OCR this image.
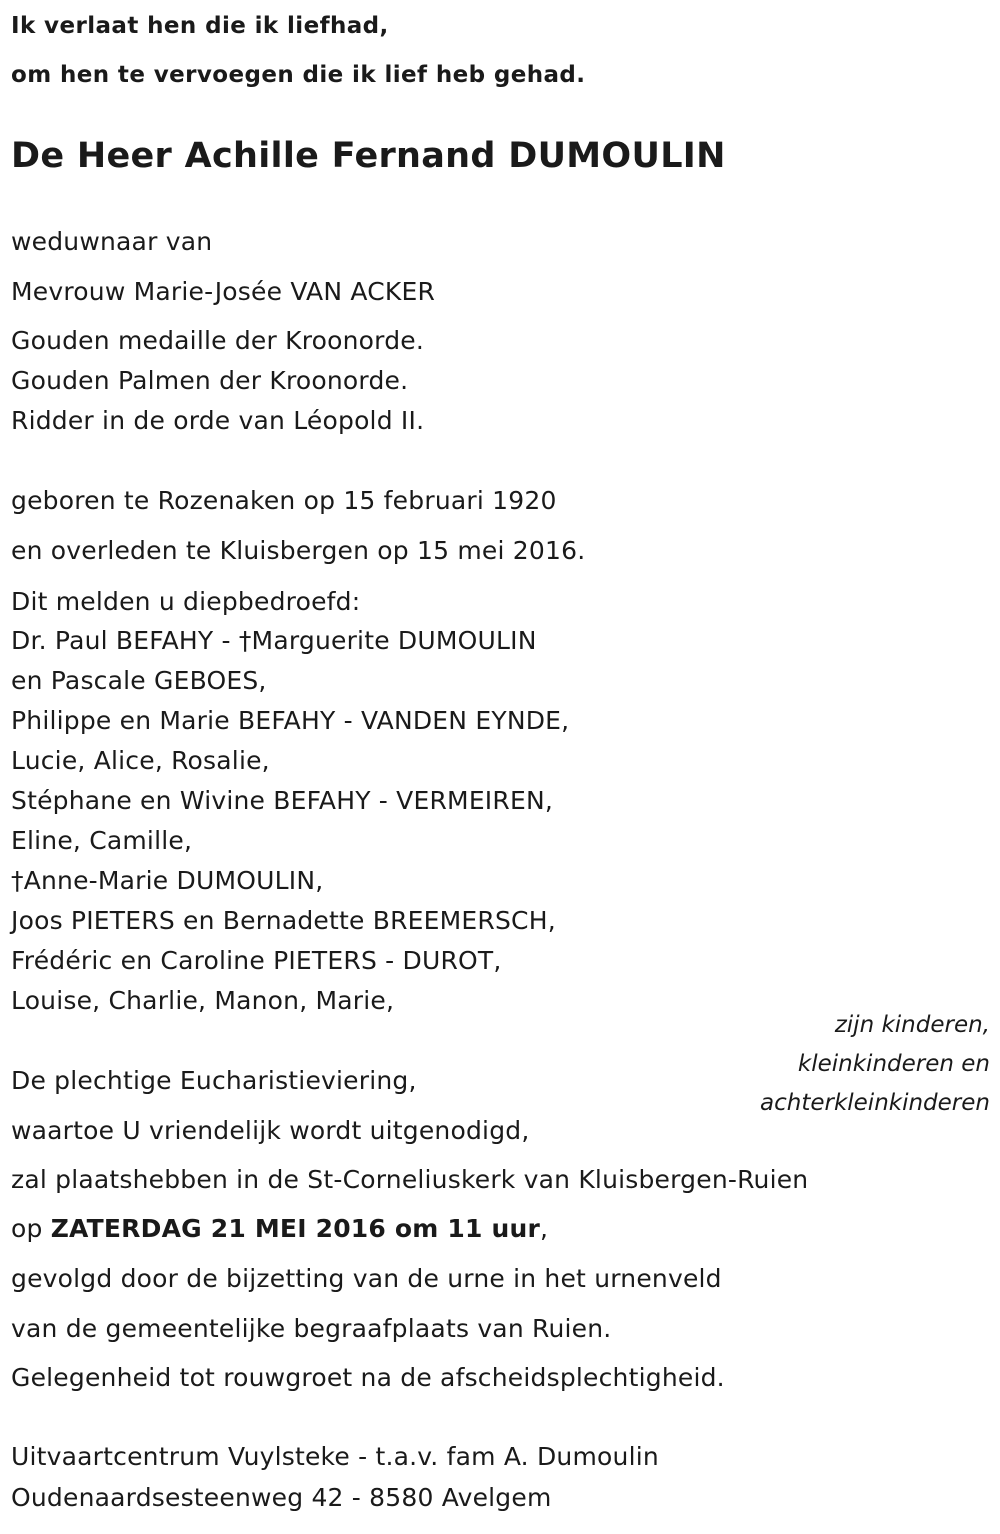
Ik verlaat hen die ik liefhad,
om hen te vervoegen die ik lief heb gehad.
De Heer Achille Fernand DUMOULIN
weduwnaar van
Mevrouw Marie-Josée VAN ACKER
Gouden medaille der Kroonorde.
Gouden Palmen der Kroonorde.
Ridder in de orde van Léopold II.
geboren te Rozenaken op 15 februari 1920
en overleden te Kluisbergen op 15 mei 2016.
Dit melden u diepbedroefd:
Dr. Paul BEFAHY - †Marguerite DUMOULIN
en Pascale GEBOES,
Philippe en Marie BEFAHY - VANDEN EYNDE,
Lucie, Alice, Rosalie,
Stéphane en Wivine BEFAHY - VERMEIREN,
Eline, Camille,
†Anne-Marie DUMOULIN,
Joos PIETERS en Bernadette BREEMERSCH,
Frédéric en Caroline PIETERS - DUROT,
Louise, Charlie, Manon, Marie,
zijn kinderen,
kleinkinderen en
achterkleinkinderen
De plechtige Eucharistieviering,
waartoe U vriendelijk wordt uitgenodigd,
zal plaatshebben in de St-Corneliuskerk van Kluisbergen-Ruien
op ZATERDAG 21 MEI 2016 om 11 uur,
gevolgd door de bijzetting van de urne in het urnenveld
van de gemeentelijke begraafplaats van Ruien.
Gelegenheid tot rouwgroet na de afscheidsplechtigheid.
Uitvaartcentrum Vuylsteke - t.a.v. fam A. Dumoulin
Oudenaardsesteenweg 42 - 8580 Avelgem
